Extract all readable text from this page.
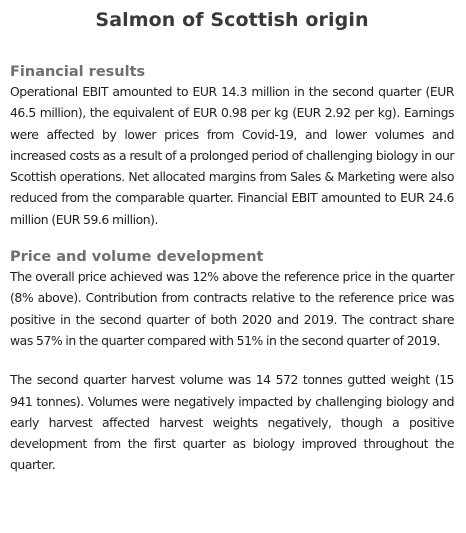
Salmon of Scottish origin
Financial results

Operational EBIT amounted to EUR 14.3 million in the second quarter (EUR 46.5 million), the equivalent of EUR 0.98 per kg (EUR 2.92 per kg). Earnings were affected by lower prices from Covid-19, and lower volumes and increased costs as a result of a prolonged period of challenging biology in our Scottish operations. Net allocated margins from Sales & Marketing were also reduced from the comparable quarter. Financial EBIT amounted to EUR 24.6 million (EUR 59.6 million).

Price and volume development

The overall price achieved was 12% above the reference price in the quarter (8% above). Contribution from contracts relative to the reference price was positive in the second quarter of both 2020 and 2019. The contract share was 57% in the quarter compared with 51% in the second quarter of 2019.

The second quarter harvest volume was 14 572 tonnes gutted weight (15 941 tonnes). Volumes were negatively impacted by challenging biology and early harvest affected harvest weights negatively, though a positive development from the first quarter as biology improved throughout the quarter.
